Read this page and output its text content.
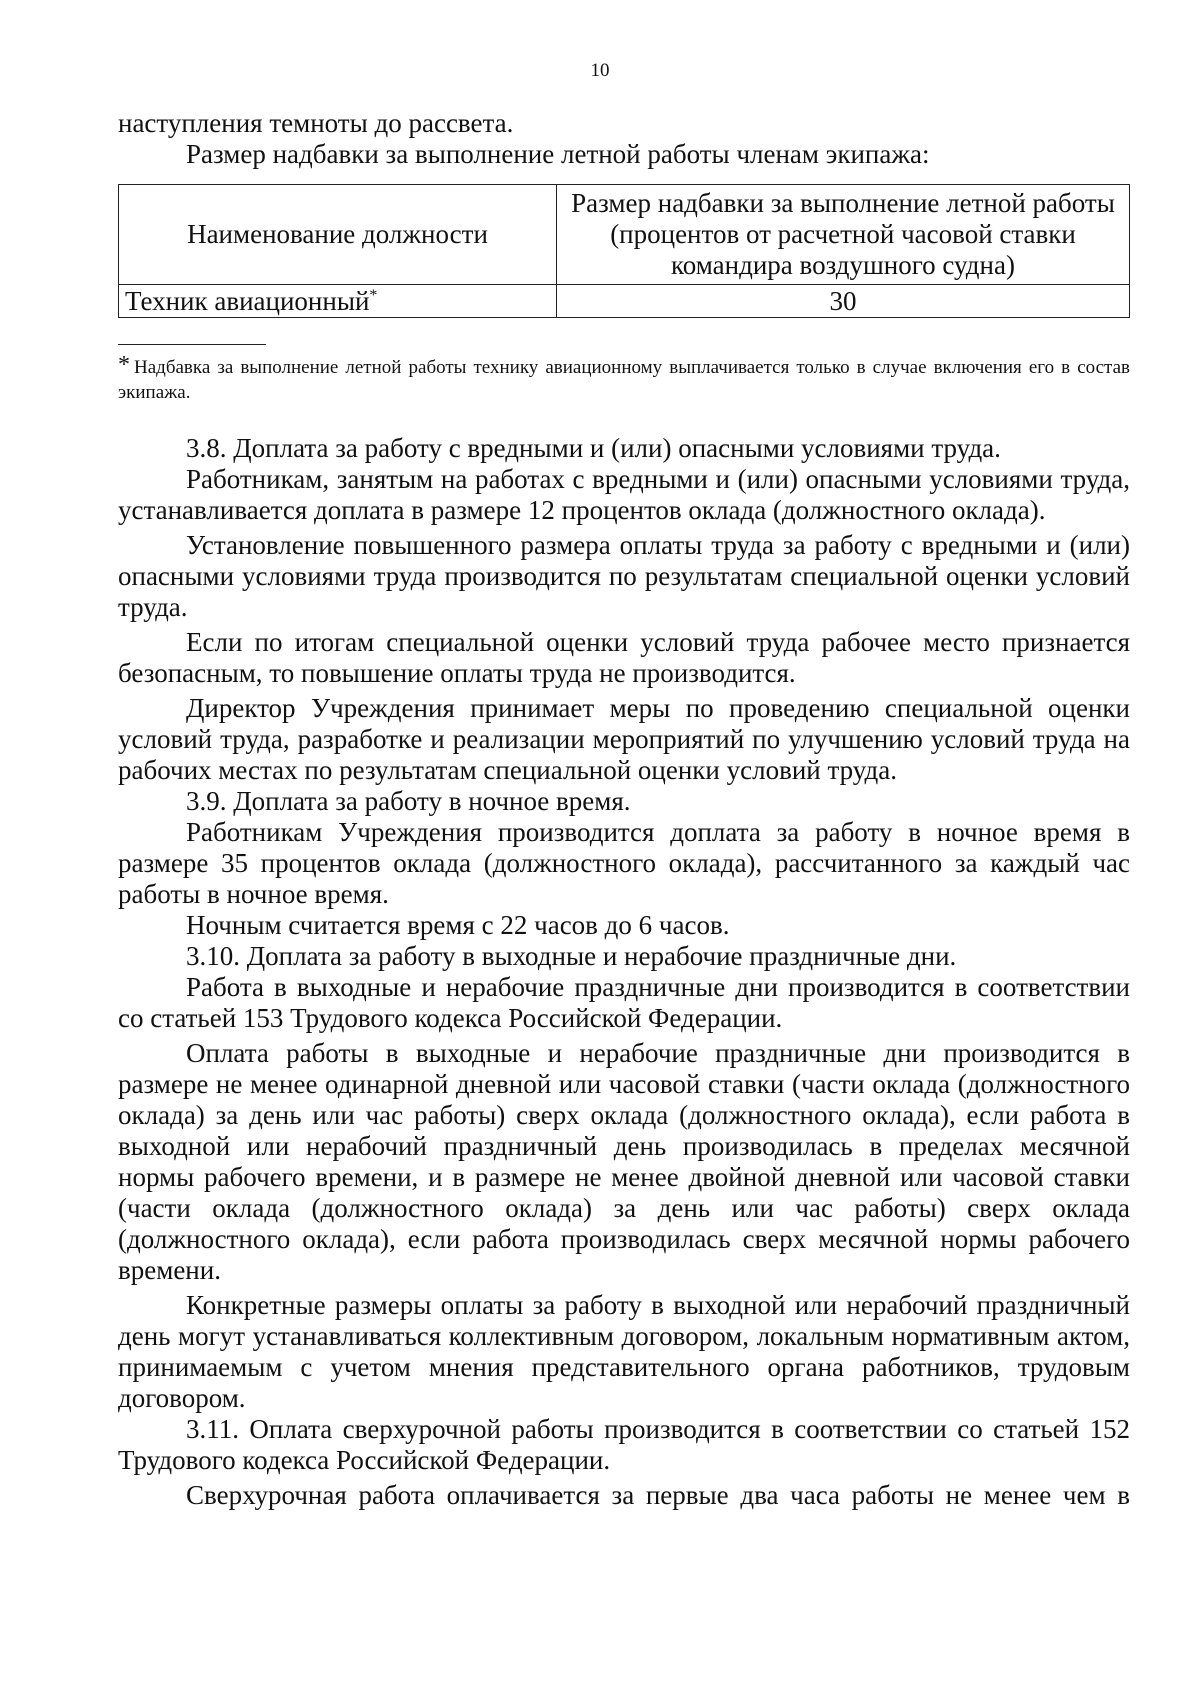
10

наступления темноты до рассвета.

Размер надбавки за выполнение летной работы членам экипажа:

Наименование должности	Размер надбавки за выполнение летной работы (процентов от расчетной часовой ставки командира воздушного судна)
Техник авиационный*	30
* Надбавка за выполнение летной работы технику авиационному выплачивается только в случае включения его в состав экипажа.

3.8. Доплата за работу с вредными и (или) опасными условиями труда.

Работникам, занятым на работах с вредными и (или) опасными условиями труда, устанавливается доплата в размере 12 процентов оклада (должностного оклада).

Установление повышенного размера оплаты труда за работу с вредными и (или) опасными условиями труда производится по результатам специальной оценки условий труда.

Если по итогам специальной оценки условий труда рабочее место признается безопасным, то повышение оплаты труда не производится.

Директор Учреждения принимает меры по проведению специальной оценки условий труда, разработке и реализации мероприятий по улучшению условий труда на рабочих местах по результатам специальной оценки условий труда.

3.9. Доплата за работу в ночное время.

Работникам Учреждения производится доплата за работу в ночное время в размере 35 процентов оклада (должностного оклада), рассчитанного за каждый час работы в ночное время.

Ночным считается время с 22 часов до 6 часов.

3.10. Доплата за работу в выходные и нерабочие праздничные дни.

Работа в выходные и нерабочие праздничные дни производится в соответствии со статьей 153 Трудового кодекса Российской Федерации.

Оплата работы в выходные и нерабочие праздничные дни производится в размере не менее одинарной дневной или часовой ставки (части оклада (должностного оклада) за день или час работы) сверх оклада (должностного оклада), если работа в выходной или нерабочий праздничный день производилась в пределах месячной нормы рабочего времени, и в размере не менее двойной дневной или часовой ставки (части оклада (должностного оклада) за день или час работы) сверх оклада (должностного оклада), если работа производилась сверх месячной нормы рабочего времени.

Конкретные размеры оплаты за работу в выходной или нерабочий праздничный день могут устанавливаться коллективным договором, локальным нормативным актом, принимаемым с учетом мнения представительного органа работников, трудовым договором.

3.11. Оплата сверхурочной работы производится в соответствии со статьей 152 Трудового кодекса Российской Федерации.

Сверхурочная работа оплачивается за первые два часа работы не менее чем в
